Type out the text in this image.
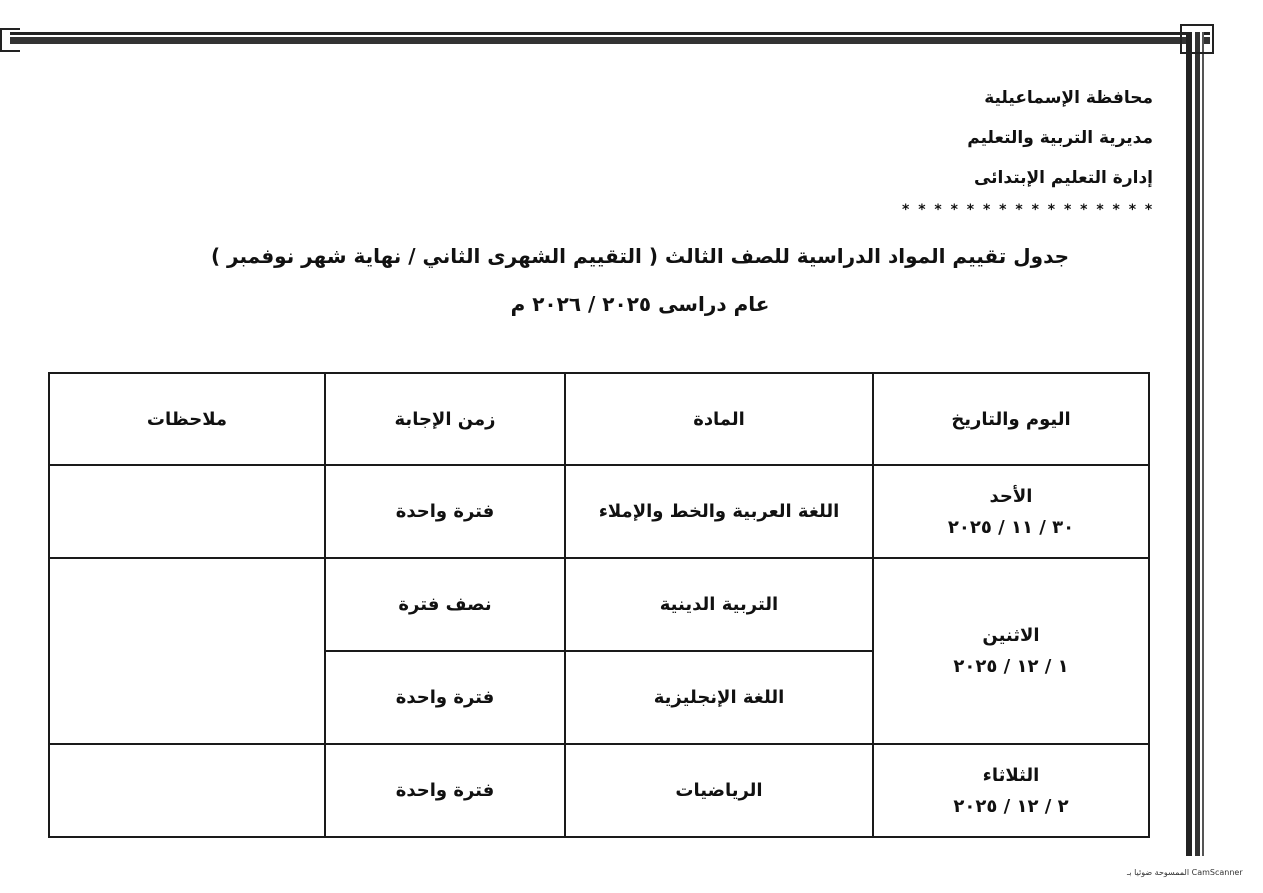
محافظة الإسماعيلية
مديرية التربية والتعليم
إدارة التعليم الإبتدائى
* * * * * * * * * * * * * * * *
جدول تقييم المواد الدراسية للصف الثالث ( التقييم الشهرى الثاني / نهاية شهر نوفمبر )
عام دراسى ٢٠٢٥ / ٢٠٢٦ م
اليوم والتاريخ	المادة	زمن الإجابة	ملاحظات

الأحد
٣٠ / ١١ / ٢٠٢٥	اللغة العربية والخط والإملاء	فترة واحدة	

الاثنين
١ / ١٢ / ٢٠٢٥	التربية الدينية	نصف فترة	
	اللغة الإنجليزية	فترة واحدة	

الثلاثاء
٢ / ١٢ / ٢٠٢٥	الرياضيات	فترة واحدة	
الممسوحة ضوئيا بـ CamScanner
